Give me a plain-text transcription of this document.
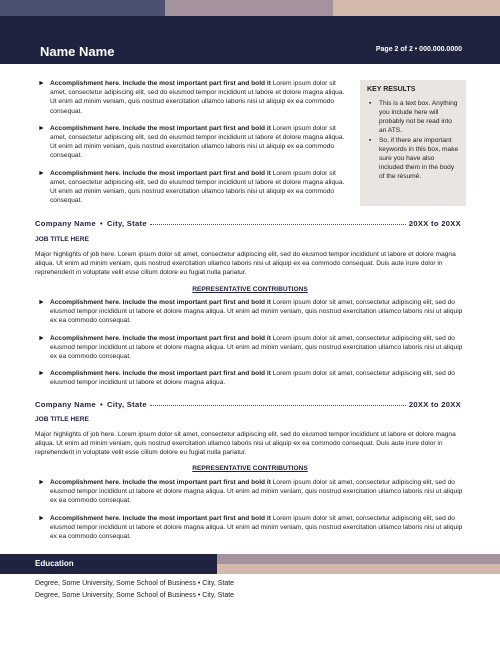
Name Name	Page 2 of 2 • 000.000.0000
► Accomplishment here. Include the most important part first and bold it Lorem ipsum dolor sit amet, consectetur adipiscing elit, sed do eiusmod tempor incididunt ut labore et dolore magna aliqua. Ut enim ad minim veniam, quis nostrud exercitation ullamco laboris nisi ut aliquip ex ea commodo consequat.
► Accomplishment here. Include the most important part first and bold it Lorem ipsum dolor sit amet, consectetur adipiscing elit, sed do eiusmod tempor incididunt ut labore et dolore magna aliqua. Ut enim ad minim veniam, quis nostrud exercitation ullamco laboris nisi ut aliquip ex ea commodo consequat.
► Accomplishment here. Include the most important part first and bold it Lorem ipsum dolor sit amet, consectetur adipiscing elit, sed do eiusmod tempor incididunt ut labore et dolore magna aliqua. Ut enim ad minim veniam, quis nostrud exercitation ullamco laboris nisi ut aliquip ex ea commodo consequat.
KEY RESULTS
▪ This is a text box. Anything you include here will probably not be read into an ATS.
▪ So, if there are important keywords in this box, make sure you have also included them in the body of the résumé.
Company Name • City, State	20XX to 20XX
JOB TITLE HERE
Major highlights of job here. Lorem ipsum dolor sit amet, consectetur adipiscing elit, sed do eiusmod tempor incididunt ut labore et dolore magna aliqua. Ut enim ad minim veniam, quis nostrud exercitation ullamco laboris nisi ut aliquip ex ea commodo consequat. Duis aute irure dolor in reprehenderit in voluptate velit esse cillum dolore eu fugiat nulla pariatur.
REPRESENTATIVE CONTRIBUTIONS
► Accomplishment here. Include the most important part first and bold it Lorem ipsum dolor sit amet, consectetur adipiscing elit, sed do eiusmod tempor incididunt ut labore et dolore magna aliqua. Ut enim ad minim veniam, quis nostrud exercitation ullamco laboris nisi ut aliquip ex ea commodo consequat.
► Accomplishment here. Include the most important part first and bold it Lorem ipsum dolor sit amet, consectetur adipiscing elit, sed do eiusmod tempor incididunt ut labore et dolore magna aliqua. Ut enim ad minim veniam, quis nostrud exercitation ullamco laboris nisi ut aliquip ex ea commodo consequat.
► Accomplishment here. Include the most important part first and bold it Lorem ipsum dolor sit amet, consectetur adipiscing elit, sed do eiusmod tempor incididunt ut labore et dolore magna aliqua.
Company Name • City, State	20XX to 20XX
JOB TITLE HERE
Major highlights of job here. Lorem ipsum dolor sit amet, consectetur adipiscing elit, sed do eiusmod tempor incididunt ut labore et dolore magna aliqua. Ut enim ad minim veniam, quis nostrud exercitation ullamco laboris nisi ut aliquip ex ea commodo consequat. Duis aute irure dolor in reprehenderit in voluptate velit esse cillum dolore eu fugiat nulla pariatur.
REPRESENTATIVE CONTRIBUTIONS
► Accomplishment here. Include the most important part first and bold it Lorem ipsum dolor sit amet, consectetur adipiscing elit, sed do eiusmod tempor incididunt ut labore et dolore magna aliqua. Ut enim ad minim veniam, quis nostrud exercitation ullamco laboris nisi ut aliquip ex ea commodo consequat.
► Accomplishment here. Include the most important part first and bold it Lorem ipsum dolor sit amet, consectetur adipiscing elit, sed do eiusmod tempor incididunt ut labore et dolore magna aliqua. Ut enim ad minim veniam, quis nostrud exercitation ullamco laboris nisi ut aliquip ex ea commodo consequat.
Education
Degree, Some University, Some School of Business • City, State
Degree, Some University, Some School of Business • City, State
